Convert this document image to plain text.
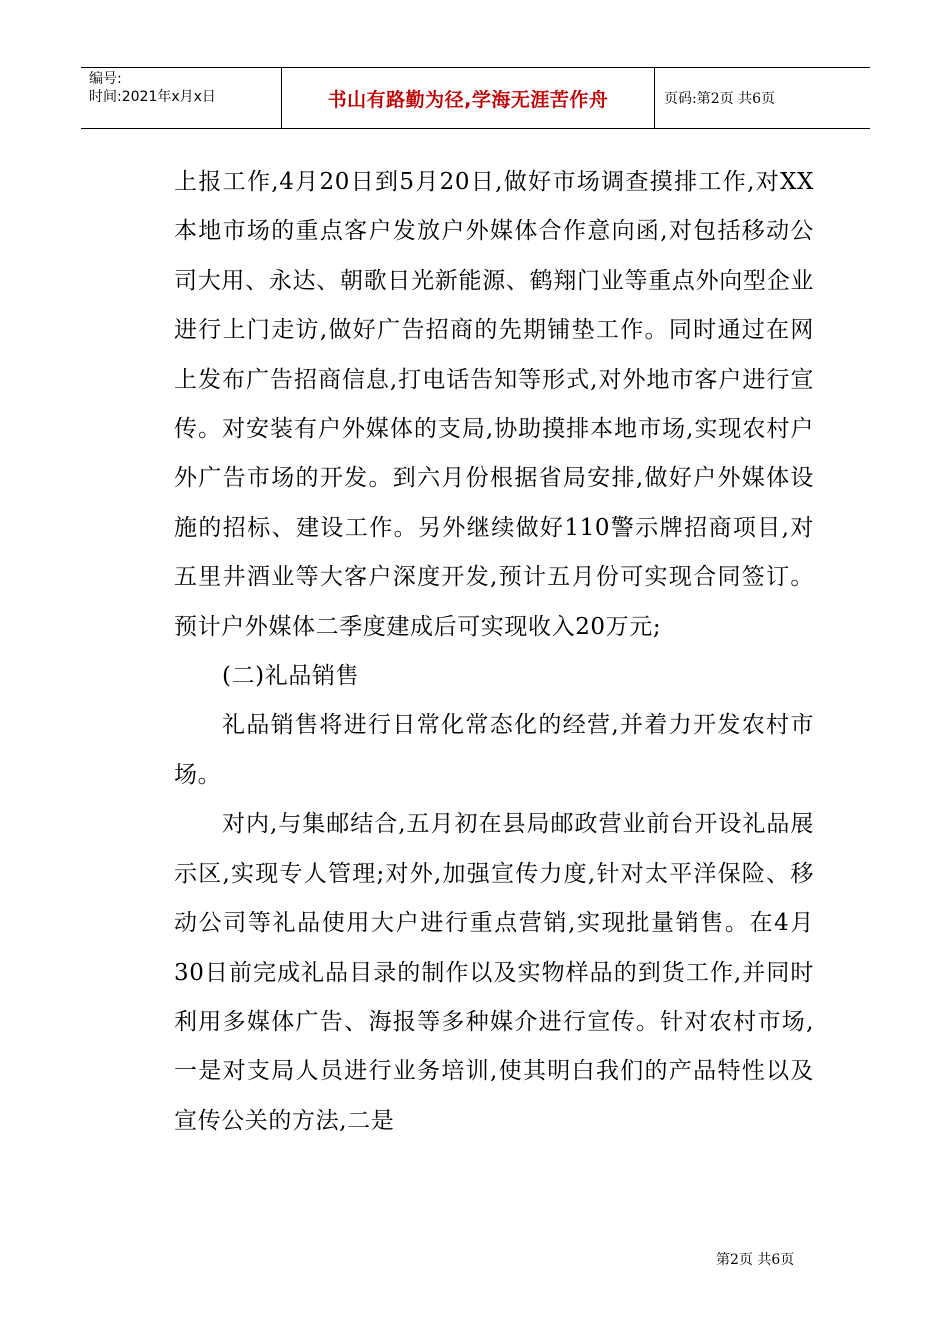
编号:
时间:2021年x月x日	书山有路勤为径,学海无涯苦作舟	页码:第2页 共6页

上报工作,4月20日到5月20日,做好市场调查摸排工作,对XX本地市场的重点客户发放户外媒体合作意向函,对包括移动公司大用、永达、朝歌日光新能源、鹤翔门业等重点外向型企业进行上门走访,做好广告招商的先期铺垫工作。同时通过在网上发布广告招商信息,打电话告知等形式,对外地市客户进行宣传。对安装有户外媒体的支局,协助摸排本地市场,实现农村户外广告市场的开发。到六月份根据省局安排,做好户外媒体设施的招标、建设工作。另外继续做好110警示牌招商项目,对五里井酒业等大客户深度开发,预计五月份可实现合同签订。预计户外媒体二季度建成后可实现收入20万元;

(二)礼品销售

礼品销售将进行日常化常态化的经营,并着力开发农村市场。

对内,与集邮结合,五月初在县局邮政营业前台开设礼品展示区,实现专人管理;对外,加强宣传力度,针对太平洋保险、移动公司等礼品使用大户进行重点营销,实现批量销售。在4月30日前完成礼品目录的制作以及实物样品的到货工作,并同时利用多媒体广告、海报等多种媒介进行宣传。针对农村市场,一是对支局人员进行业务培训,使其明白我们的产品特性以及宣传公关的方法,二是

第2页 共6页
